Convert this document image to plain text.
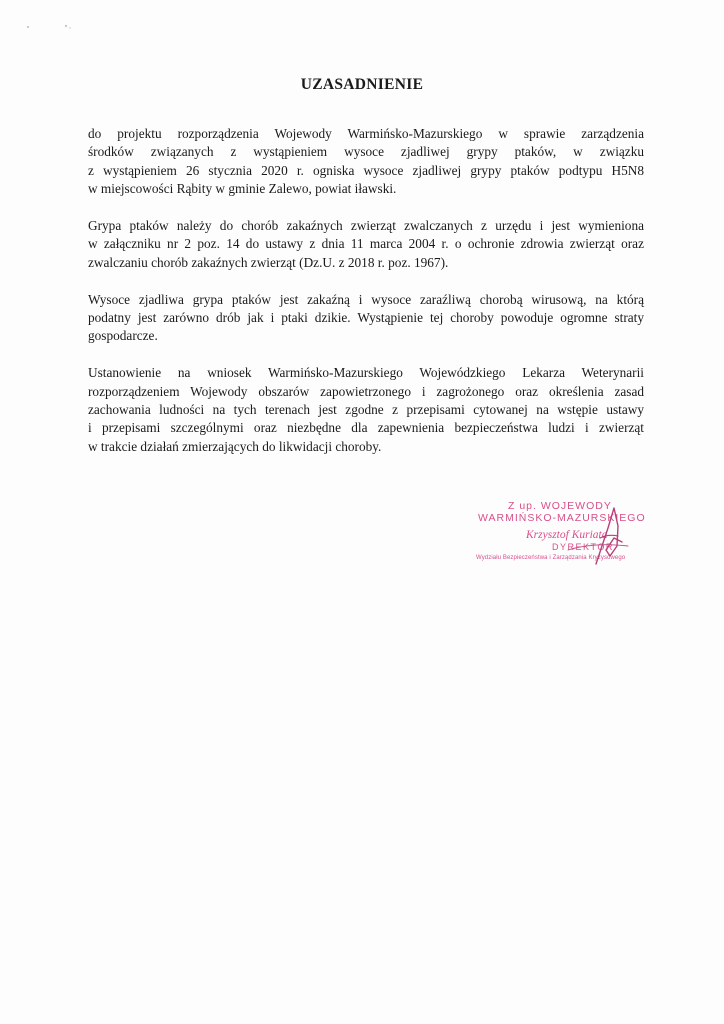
UZASADNIENIE
do projektu rozporządzenia Wojewody Warmińsko-Mazurskiego w sprawie zarządzenia
środków związanych z wystąpieniem wysoce zjadliwej grypy ptaków, w związku
z wystąpieniem 26 stycznia 2020 r. ogniska wysoce zjadliwej grypy ptaków podtypu H5N8
w miejscowości Rąbity w gminie Zalewo, powiat iławski.
Grypa ptaków należy do chorób zakaźnych zwierząt zwalczanych z urzędu i jest wymieniona
w załączniku nr 2 poz. 14 do ustawy z dnia 11 marca 2004 r. o ochronie zdrowia zwierząt oraz
zwalczaniu chorób zakaźnych zwierząt (Dz.U. z 2018 r. poz. 1967).
Wysoce zjadliwa grypa ptaków jest zakaźną i wysoce zaraźliwą chorobą wirusową, na którą
podatny jest zarówno drób jak i ptaki dzikie. Wystąpienie tej choroby powoduje ogromne straty
gospodarcze.
Ustanowienie na wniosek Warmińsko-Mazurskiego Wojewódzkiego Lekarza Weterynarii
rozporządzeniem Wojewody obszarów zapowietrzonego i zagrożonego oraz określenia zasad
zachowania ludności na tych terenach jest zgodne z przepisami cytowanej na wstępie ustawy
i przepisami szczególnymi oraz niezbędne dla zapewnienia bezpieczeństwa ludzi i zwierząt
w trakcie działań zmierzających do likwidacji choroby.
Z up. WOJEWODY
WARMIŃSKO-MAZURSKIEGO
Krzysztof Kuriata
DYREKTOR
Wydziału Bezpieczeństwa i Zarządzania Kryzysowego
